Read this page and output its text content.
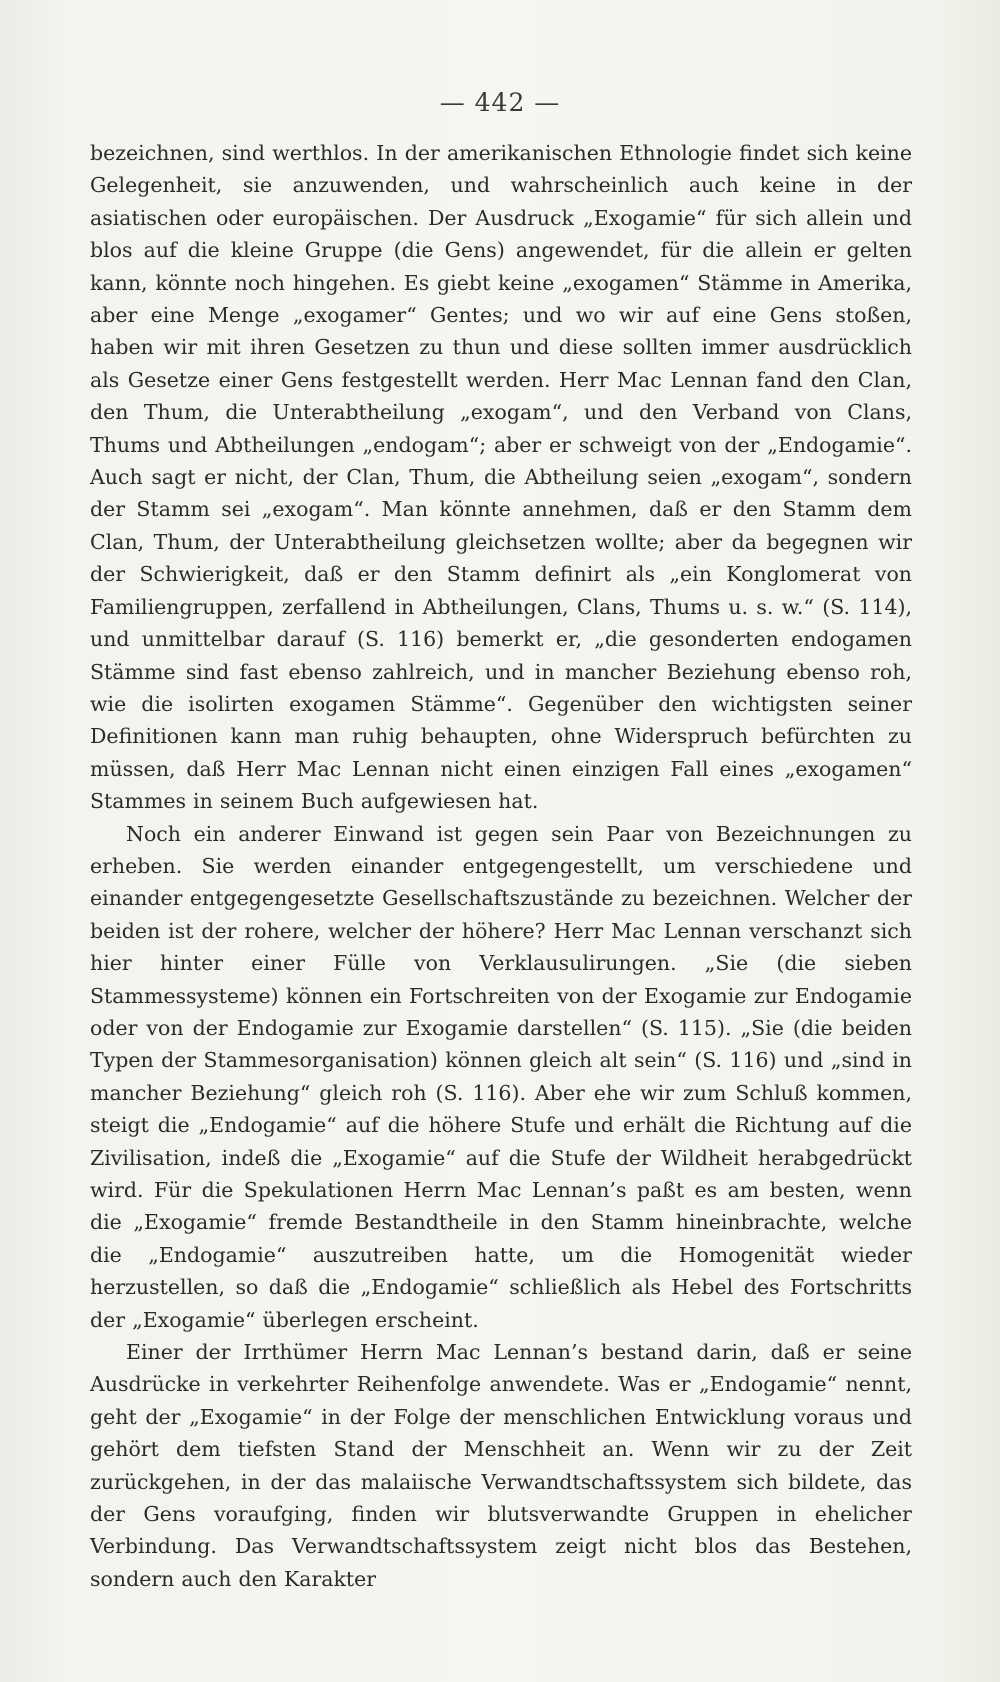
— 442 —

bezeichnen, sind werthlos. In der amerikanischen Ethnologie findet sich keine Gelegenheit, sie anzuwenden, und wahrscheinlich auch keine in der asiatischen oder europäischen. Der Ausdruck „Exogamie“ für sich allein und blos auf die kleine Gruppe (die Gens) angewendet, für die allein er gelten kann, könnte noch hingehen. Es giebt keine „exogamen“ Stämme in Amerika, aber eine Menge „exogamer“ Gentes; und wo wir auf eine Gens stoßen, haben wir mit ihren Gesetzen zu thun und diese sollten immer ausdrücklich als Gesetze einer Gens festgestellt werden. Herr Mac Lennan fand den Clan, den Thum, die Unterabtheilung „exogam“, und den Verband von Clans, Thums und Abtheilungen „endogam“; aber er schweigt von der „Endogamie“. Auch sagt er nicht, der Clan, Thum, die Abtheilung seien „exogam“, sondern der Stamm sei „exogam“. Man könnte annehmen, daß er den Stamm dem Clan, Thum, der Unterabtheilung gleichsetzen wollte; aber da begegnen wir der Schwierigkeit, daß er den Stamm definirt als „ein Konglomerat von Familiengruppen, zerfallend in Abtheilungen, Clans, Thums u. s. w.“ (S. 114), und unmittelbar darauf (S. 116) bemerkt er, „die gesonderten endogamen Stämme sind fast ebenso zahlreich, und in mancher Beziehung ebenso roh, wie die isolirten exogamen Stämme“. Gegenüber den wichtigsten seiner Definitionen kann man ruhig behaupten, ohne Widerspruch befürchten zu müssen, daß Herr Mac Lennan nicht einen einzigen Fall eines „exogamen“ Stammes in seinem Buch aufgewiesen hat.

Noch ein anderer Einwand ist gegen sein Paar von Bezeichnungen zu erheben. Sie werden einander entgegengestellt, um verschiedene und einander entgegengesetzte Gesellschaftszustände zu bezeichnen. Welcher der beiden ist der rohere, welcher der höhere? Herr Mac Lennan verschanzt sich hier hinter einer Fülle von Verklausulirungen. „Sie (die sieben Stammessysteme) können ein Fortschreiten von der Exogamie zur Endogamie oder von der Endogamie zur Exogamie darstellen“ (S. 115). „Sie (die beiden Typen der Stammesorganisation) können gleich alt sein“ (S. 116) und „sind in mancher Beziehung“ gleich roh (S. 116). Aber ehe wir zum Schluß kommen, steigt die „Endogamie“ auf die höhere Stufe und erhält die Richtung auf die Zivilisation, indeß die „Exogamie“ auf die Stufe der Wildheit herabgedrückt wird. Für die Spekulationen Herrn Mac Lennan’s paßt es am besten, wenn die „Exogamie“ fremde Bestandtheile in den Stamm hineinbrachte, welche die „Endogamie“ auszutreiben hatte, um die Homogenität wieder herzustellen, so daß die „Endogamie“ schließlich als Hebel des Fortschritts der „Exogamie“ überlegen erscheint.

Einer der Irrthümer Herrn Mac Lennan’s bestand darin, daß er seine Ausdrücke in verkehrter Reihenfolge anwendete. Was er „Endogamie“ nennt, geht der „Exogamie“ in der Folge der menschlichen Entwicklung voraus und gehört dem tiefsten Stand der Menschheit an. Wenn wir zu der Zeit zurückgehen, in der das malaiische Verwandtschaftssystem sich bildete, das der Gens voraufging, finden wir blutsverwandte Gruppen in ehelicher Verbindung. Das Verwandtschaftssystem zeigt nicht blos das Bestehen, sondern auch den Karakter
